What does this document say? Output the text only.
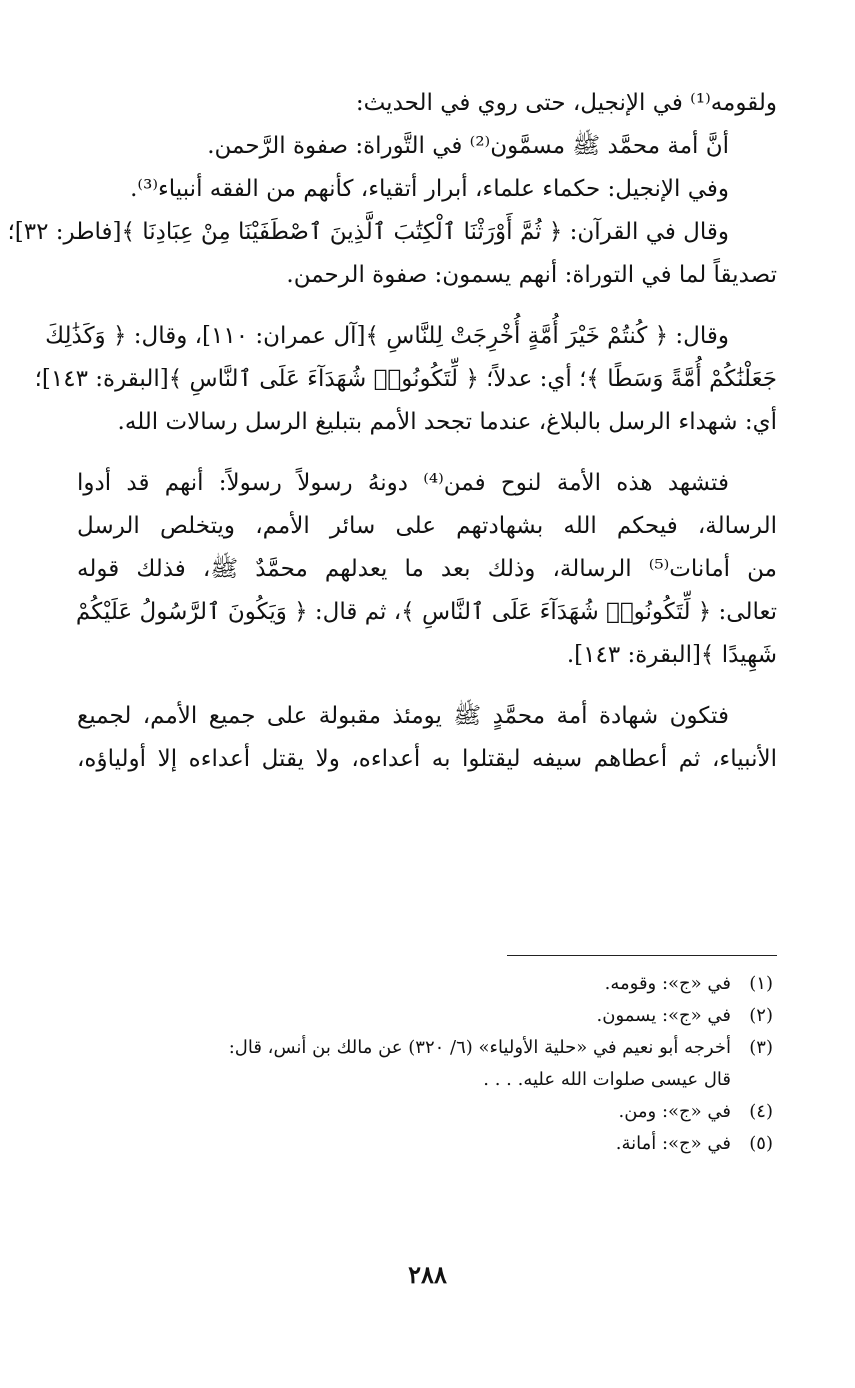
ولقومه⁽¹⁾ في الإنجيل، حتى روي في الحديث:
أنَّ أمة محمَّد ﷺ مسمَّون⁽²⁾ في التَّوراة: صفوة الرَّحمن.
وفي الإنجيل: حكماء علماء، أبرار أتقياء، كأنهم من الفقه أنبياء⁽³⁾.
وقال في القرآن: ﴿ ثُمَّ أَوْرَثْنَا ٱلْكِتَٰبَ ٱلَّذِينَ ٱصْطَفَيْنَا مِنْ عِبَادِنَا ﴾[فاطر: ٣٢]؛
تصديقاً لما في التوراة: أنهم يسمون: صفوة الرحمن.
وقال: ﴿ كُنتُمْ خَيْرَ أُمَّةٍ أُخْرِجَتْ لِلنَّاسِ ﴾[آل عمران: ١١٠]، وقال: ﴿ وَكَذَٰلِكَ
جَعَلْنَٰكُمْ أُمَّةً وَسَطًا ﴾؛ أي: عدلاً؛ ﴿ لِّتَكُونُوا۟ شُهَدَآءَ عَلَى ٱلنَّاسِ ﴾[البقرة: ١٤٣]؛
أي: شهداء الرسل بالبلاغ، عندما تجحد الأمم بتبليغ الرسل رسالات الله.
فتشهد هذه الأمة لنوح فمن⁽⁴⁾ دونهُ رسولاً رسولاً: أنهم قد أدوا
الرسالة، فيحكم الله بشهادتهم على سائر الأمم، ويتخلص الرسل
من أمانات⁽⁵⁾ الرسالة، وذلك بعد ما يعدلهم محمَّدٌ ﷺ، فذلك قوله
تعالى: ﴿ لِّتَكُونُوا۟ شُهَدَآءَ عَلَى ٱلنَّاسِ ﴾، ثم قال: ﴿ وَيَكُونَ ٱلرَّسُولُ عَلَيْكُمْ
شَهِيدًا ﴾[البقرة: ١٤٣].
فتكون شهادة أمة محمَّدٍ ﷺ يومئذ مقبولة على جميع الأمم، لجميع
الأنبياء، ثم أعطاهم سيفه ليقتلوا به أعداءه، ولا يقتل أعداءه إلا أولياؤه،
(١)في «ج»: وقومه.
(٢)في «ج»: يسمون.
(٣)أخرجه أبو نعيم في «حلية الأولياء» (٦/ ٣٢٠) عن مالك بن أنس، قال:
قال عيسى صلوات الله عليه. . . .
(٤)في «ج»: ومن.
(٥)في «ج»: أمانة.
٢٨٨
